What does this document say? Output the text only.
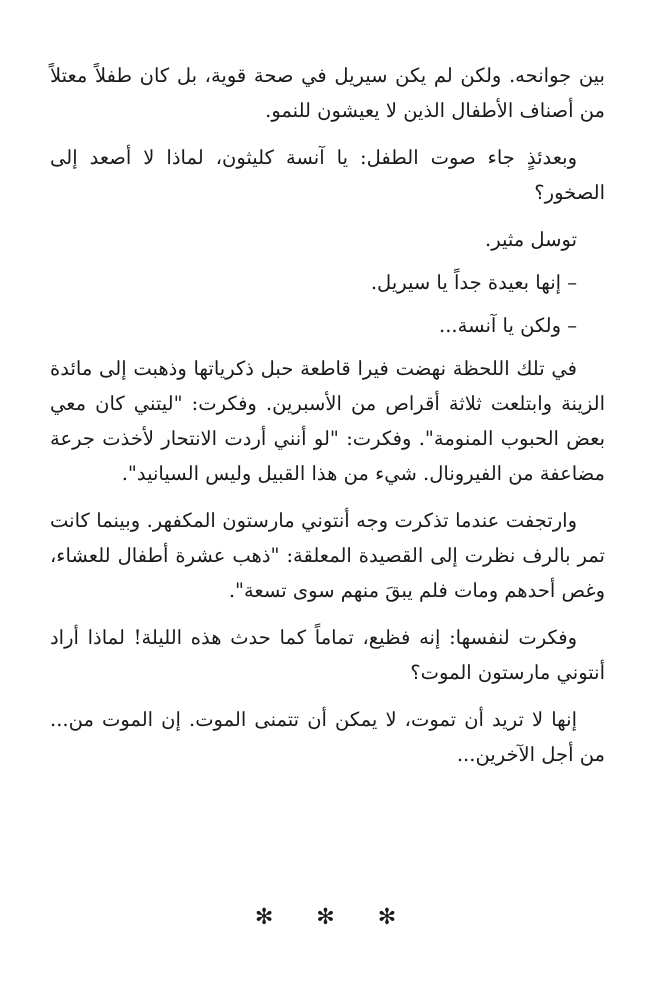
بين جوانحه. ولكن لم يكن سيريل في صحة قوية، بل كان طفلاً معتلاً من أصناف الأطفال الذين لا يعيشون للنمو.

وبعدئذٍ جاء صوت الطفل: يا آنسة كليثون، لماذا لا أصعد إلى الصخور؟

توسل مثير.

– إنها بعيدة جداً يا سيريل.

– ولكن يا آنسة...

في تلك اللحظة نهضت فيرا قاطعة حبل ذكرياتها وذهبت إلى مائدة الزينة وابتلعت ثلاثة أقراص من الأسبرين. وفكرت: "ليتني كان معي بعض الحبوب المنومة". وفكرت: "لو أنني أردت الانتحار لأخذت جرعة مضاعفة من الفيرونال. شيء من هذا القبيل وليس السيانيد".

وارتجفت عندما تذكرت وجه أنتوني مارستون المكفهر. وبينما كانت تمر بالرف نظرت إلى القصيدة المعلقة: "ذهب عشرة أطفال للعشاء، وغص أحدهم ومات فلم يبقَ منهم سوى تسعة".

وفكرت لنفسها: إنه فظيع، تماماً كما حدث هذه الليلة! لماذا أراد أنتوني مارستون الموت؟

إنها لا تريد أن تموت، لا يمكن أن تتمنى الموت. إن الموت من... من أجل الآخرين...

✻ ✻ ✻
